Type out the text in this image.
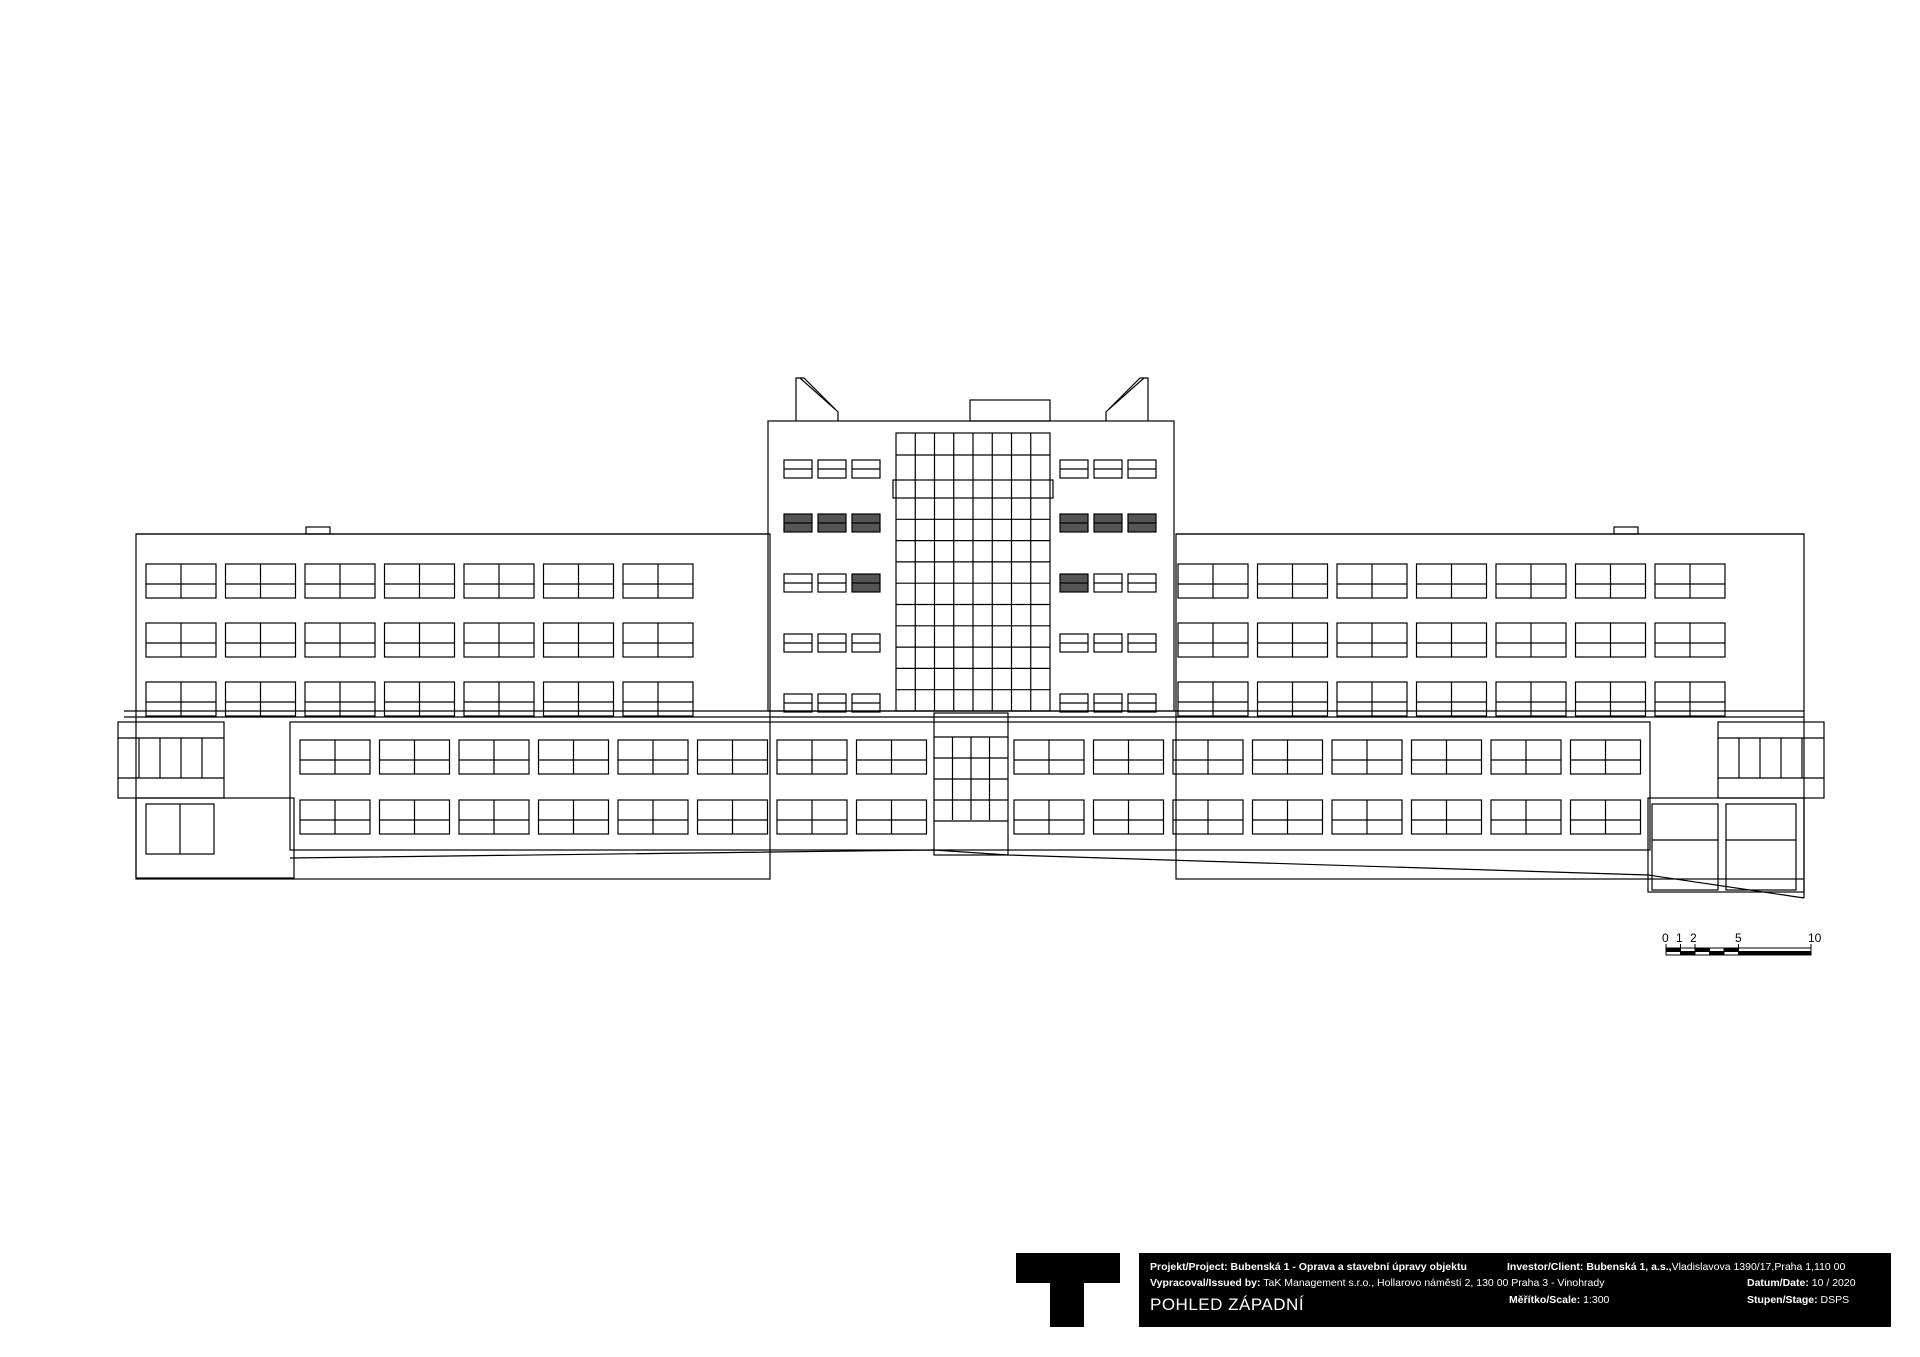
0 1 2	5	10
Projekt/Project: Bubenská 1 - Oprava a stavební úpravy objektu	Investor/Client: Bubenská 1, a.s.,Vladislavova 1390/17,Praha 1,110 00
Vypracoval/Issued by: TaK Management s.r.o., Hollarovo náměstí 2, 130 00 Praha 3 - Vinohrady	Datum/Date: 10 / 2020
POHLED ZÁPADNÍ	Měřítko/Scale: 1:300	Stupen/Stage: DSPS
